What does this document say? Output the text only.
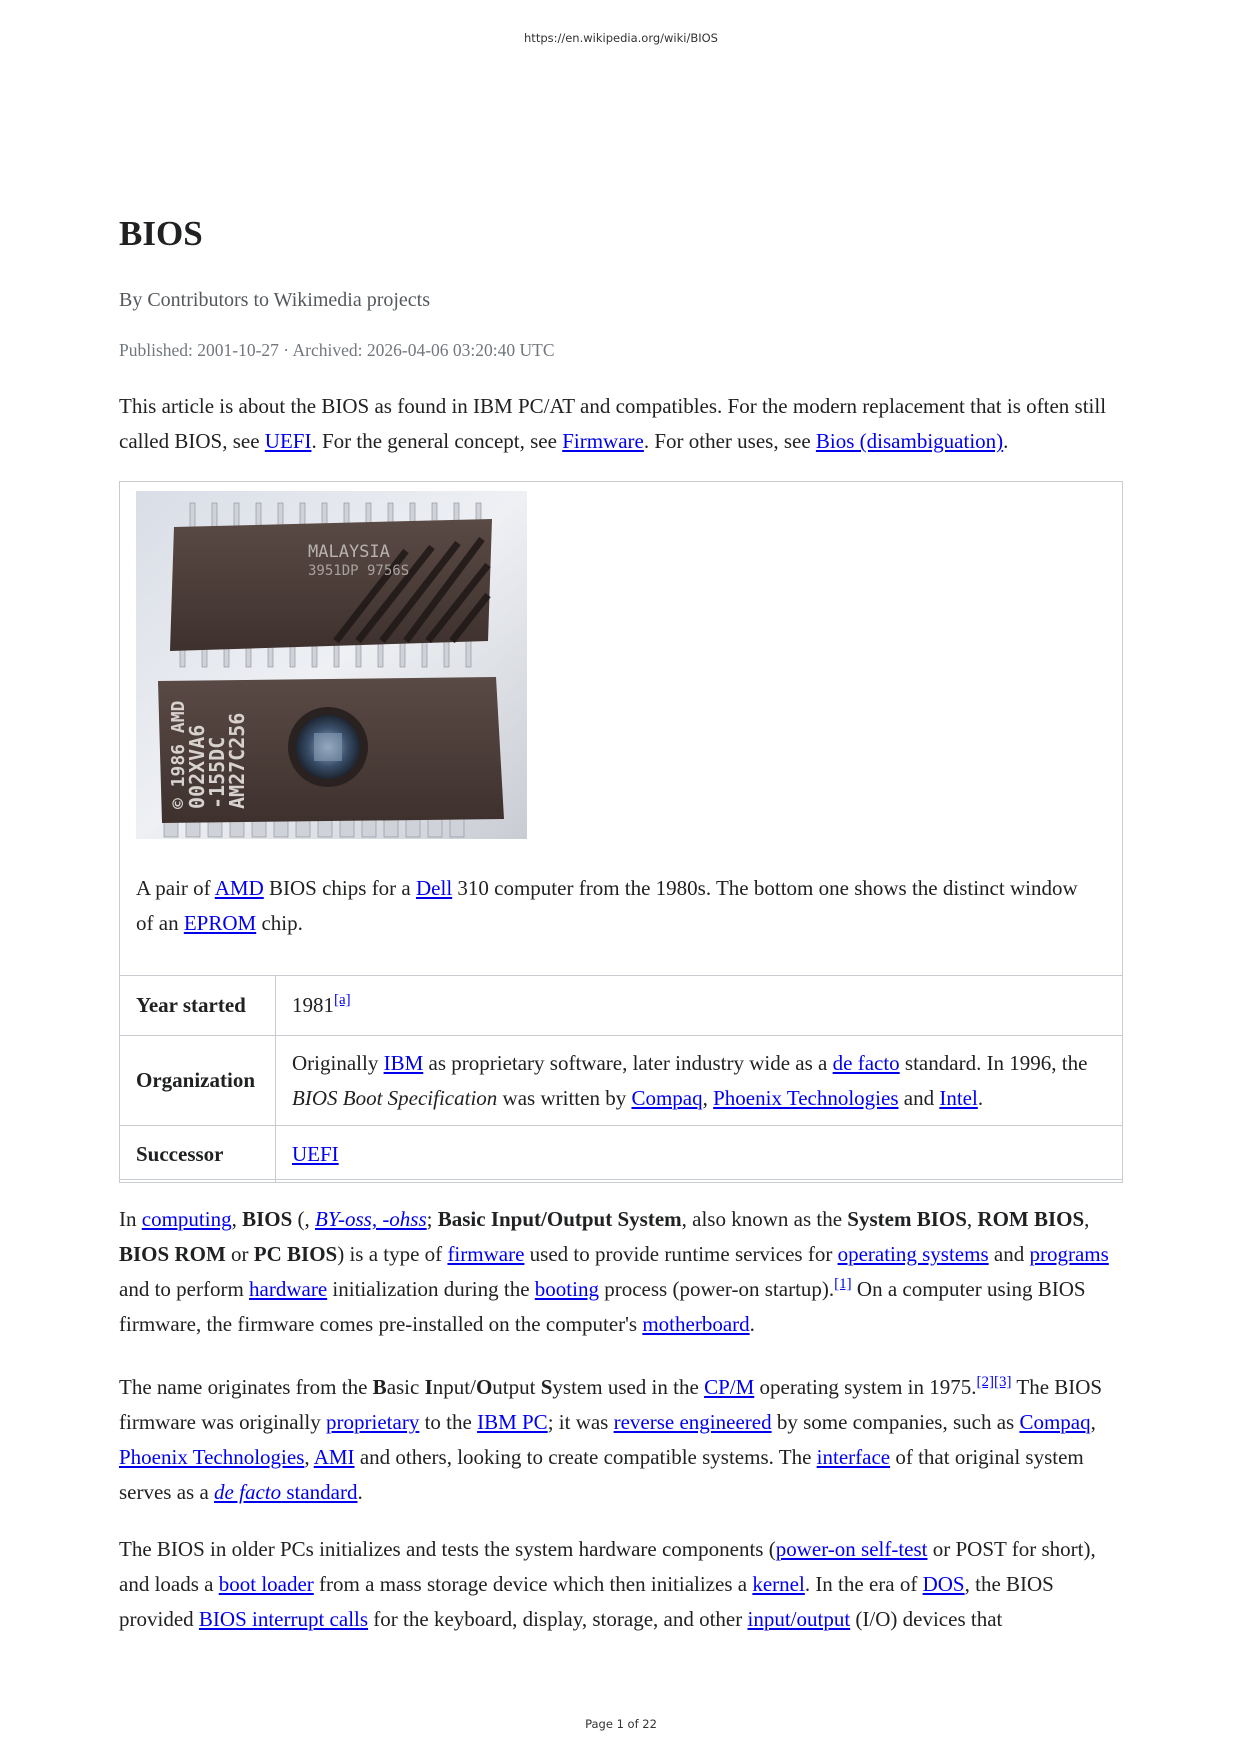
https://en.wikipedia.org/wiki/BIOS
BIOS
By Contributors to Wikimedia projects
Published: 2001-10-27 · Archived: 2026-04-06 03:20:40 UTC

This article is about the BIOS as found in IBM PC/AT and compatibles. For the modern replacement that is often still called BIOS, see UEFI. For the general concept, see Firmware. For other uses, see Bios (disambiguation).

MALAYSIA
3951DP 9756S
AM27C256
-155DC
002XVA6
© 1986 AMD

A pair of AMD BIOS chips for a Dell 310 computer from the 1980s. The bottom one shows the distinct window of an EPROM chip.

Year started	1981[a]
Organization	Originally IBM as proprietary software, later industry wide as a de facto standard. In 1996, the BIOS Boot Specification was written by Compaq, Phoenix Technologies and Intel.
Successor	UEFI

In computing, BIOS (, BY-oss, -ohss; Basic Input/Output System, also known as the System BIOS, ROM BIOS, BIOS ROM or PC BIOS) is a type of firmware used to provide runtime services for operating systems and programs and to perform hardware initialization during the booting process (power-on startup).[1] On a computer using BIOS firmware, the firmware comes pre-installed on the computer's motherboard.

The name originates from the Basic Input/Output System used in the CP/M operating system in 1975.[2][3] The BIOS firmware was originally proprietary to the IBM PC; it was reverse engineered by some companies, such as Compaq, Phoenix Technologies, AMI and others, looking to create compatible systems. The interface of that original system serves as a de facto standard.

The BIOS in older PCs initializes and tests the system hardware components (power-on self-test or POST for short), and loads a boot loader from a mass storage device which then initializes a kernel. In the era of DOS, the BIOS provided BIOS interrupt calls for the keyboard, display, storage, and other input/output (I/O) devices that

Page 1 of 22
